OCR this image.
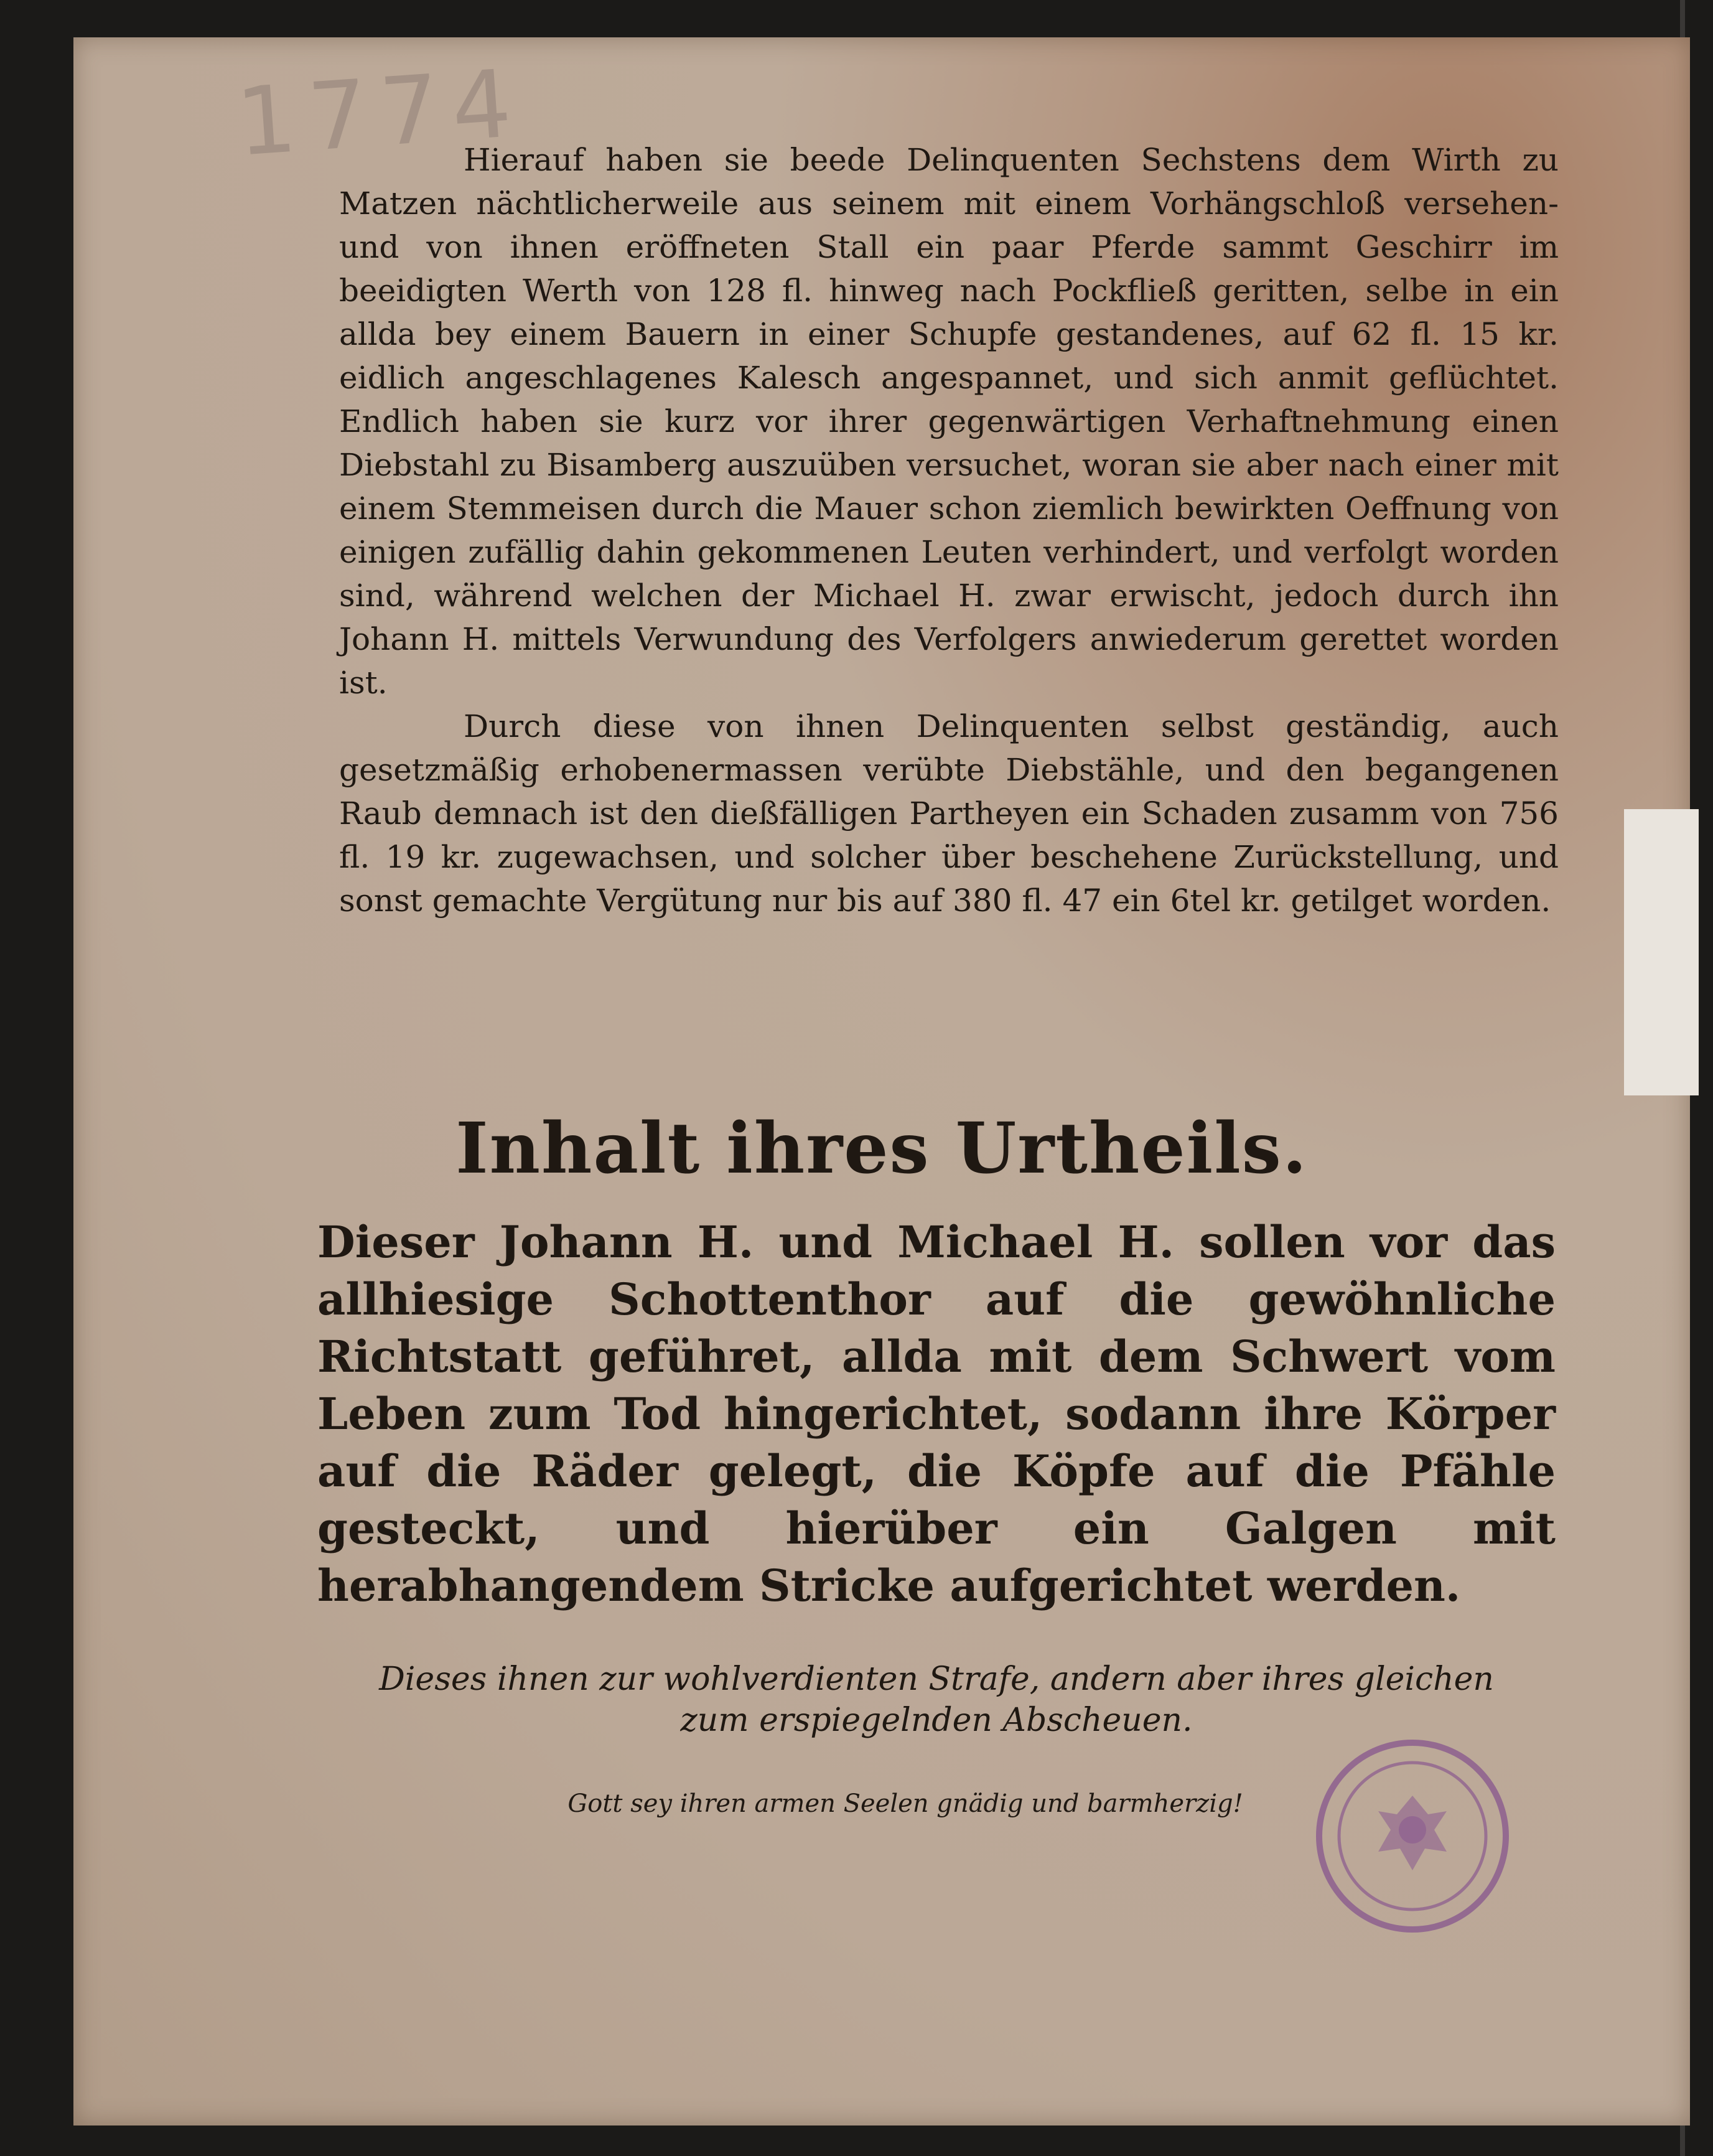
1774

Hierauf haben sie beede Delinquenten Sechstens dem Wirth zu Matzen nächtlicherweile aus seinem mit einem Vorhängschloß versehen- und von ihnen eröffneten Stall ein paar Pferde sammt Geschirr im beeidigten Werth von 128 fl. hinweg nach Pockfließ geritten, selbe in ein allda bey einem Bauern in einer Schupfe gestandenes, auf 62 fl. 15 kr. eidlich angeschlagenes Kalesch angespannet, und sich anmit geflüchtet. Endlich haben sie kurz vor ihrer gegenwärtigen Verhaftnehmung einen Diebstahl zu Bisamberg auszuüben versuchet, woran sie aber nach einer mit einem Stemmeisen durch die Mauer schon ziemlich bewirkten Oeffnung von einigen zufällig dahin gekommenen Leuten verhindert, und verfolgt worden sind, während welchen der Michael H. zwar erwischt, jedoch durch ihn Johann H. mittels Verwundung des Verfolgers anwiederum gerettet worden ist.

Durch diese von ihnen Delinquenten selbst geständig, auch gesetzmäßig erhobenermassen verübte Diebstähle, und den begangenen Raub demnach ist den dießfälligen Partheyen ein Schaden zusamm von 756 fl. 19 kr. zugewachsen, und solcher über beschehene Zurückstellung, und sonst gemachte Vergütung nur bis auf 380 fl. 47 ein 6tel kr. getilget worden.

Inhalt ihres Urtheils.

Dieser Johann H. und Michael H. sollen vor das allhiesige Schottenthor auf die gewöhnliche Richtstatt geführet, allda mit dem Schwert vom Leben zum Tod hingerichtet, sodann ihre Körper auf die Räder gelegt, die Köpfe auf die Pfähle gesteckt, und hierüber ein Galgen mit herabhangendem Stricke aufgerichtet werden.

Dieses ihnen zur wohlverdienten Strafe, andern aber ihres gleichen
zum erspiegelnden Abscheuen.
Gott sey ihren armen Seelen gnädig und barmherzig!
